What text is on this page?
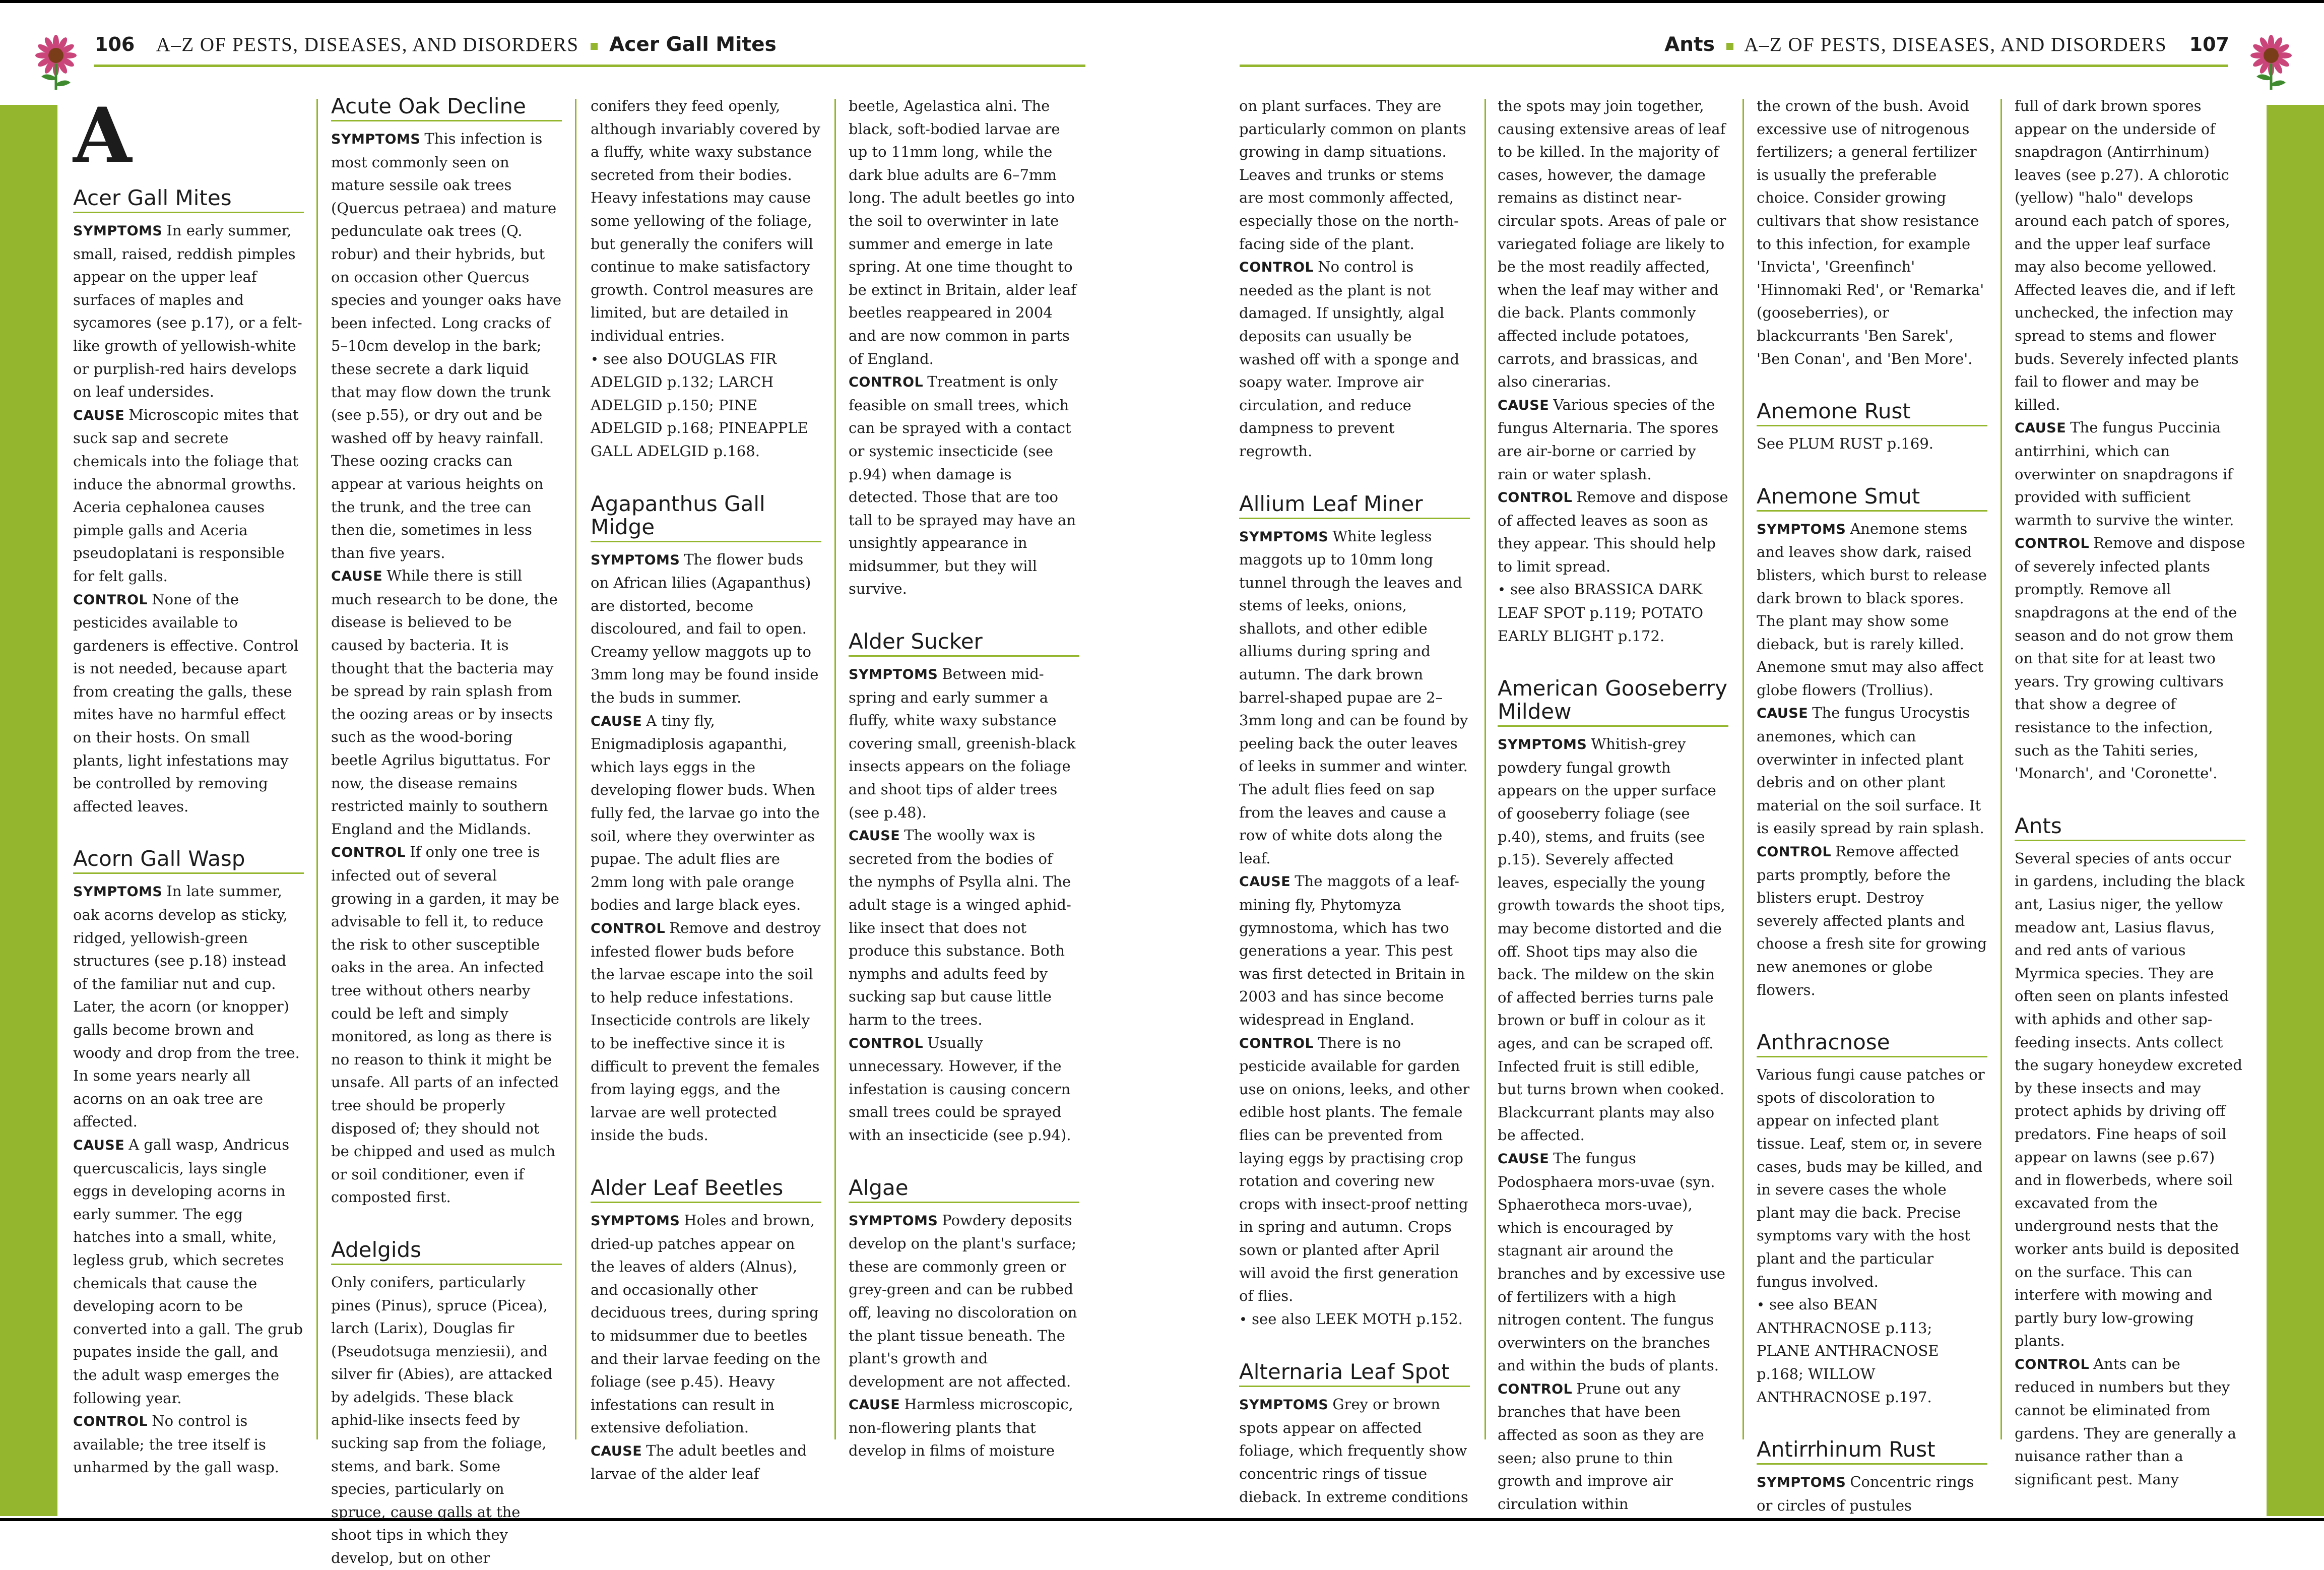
106 A–Z OF PESTS, DISEASES, AND DISORDERS Acer Gall Mites	Ants A–Z OF PESTS, DISEASES, AND DISORDERS 107
A
Acer Gall Mites

SYMPTOMS In early summer, small, raised, reddish pimples appear on the upper leaf surfaces of maples and sycamores (see p.17), or a felt-like growth of yellowish-white or purplish-red hairs develops on leaf undersides.

CAUSE Microscopic mites that suck sap and secrete chemicals into the foliage that induce the abnormal growths. Aceria cephalonea causes pimple galls and Aceria pseudoplatani is responsible for felt galls.

CONTROL None of the pesticides available to gardeners is effective. Control is not needed, because apart from creating the galls, these mites have no harmful effect on their hosts. On small plants, light infestations may be controlled by removing affected leaves.

Acorn Gall Wasp

SYMPTOMS In late summer, oak acorns develop as sticky, ridged, yellowish-green structures (see p.18) instead of the familiar nut and cup. Later, the acorn (or knopper) galls become brown and woody and drop from the tree. In some years nearly all acorns on an oak tree are affected.

CAUSE A gall wasp, Andricus quercuscalicis, lays single eggs in developing acorns in early summer. The egg hatches into a small, white, legless grub, which secretes chemicals that cause the developing acorn to be converted into a gall. The grub pupates inside the gall, and the adult wasp emerges the following year.

CONTROL No control is available; the tree itself is unharmed by the gall wasp.

Acute Oak Decline

SYMPTOMS This infection is most commonly seen on mature sessile oak trees (Quercus petraea) and mature pedunculate oak trees (Q. robur) and their hybrids, but on occasion other Quercus species and younger oaks have been infected. Long cracks of 5–10cm develop in the bark; these secrete a dark liquid that may flow down the trunk (see p.55), or dry out and be washed off by heavy rainfall. These oozing cracks can appear at various heights on the trunk, and the tree can then die, sometimes in less than five years.

CAUSE While there is still much research to be done, the disease is believed to be caused by bacteria. It is thought that the bacteria may be spread by rain splash from the oozing areas or by insects such as the wood-boring beetle Agrilus biguttatus. For now, the disease remains restricted mainly to southern England and the Midlands.

CONTROL If only one tree is infected out of several growing in a garden, it may be advisable to fell it, to reduce the risk to other susceptible oaks in the area. An infected tree without others nearby could be left and simply monitored, as long as there is no reason to think it might be unsafe. All parts of an infected tree should be properly disposed of; they should not be chipped and used as mulch or soil conditioner, even if composted first.

Adelgids

Only conifers, particularly pines (Pinus), spruce (Picea), larch (Larix), Douglas fir (Pseudotsuga menziesii), and silver fir (Abies), are attacked by adelgids. These black aphid-like insects feed by sucking sap from the foliage, stems, and bark. Some species, particularly on spruce, cause galls at the shoot tips in which they develop, but on other

conifers they feed openly, although invariably covered by a fluffy, white waxy substance secreted from their bodies. Heavy infestations may cause some yellowing of the foliage, but generally the conifers will continue to make satisfactory growth. Control measures are limited, but are detailed in individual entries.

• see also DOUGLAS FIR ADELGID p.132; LARCH ADELGID p.150; PINE ADELGID p.168; PINEAPPLE GALL ADELGID p.168.

Agapanthus Gall Midge

SYMPTOMS The flower buds on African lilies (Agapanthus) are distorted, become discoloured, and fail to open. Creamy yellow maggots up to 3mm long may be found inside the buds in summer.

CAUSE A tiny fly, Enigmadiplosis agapanthi, which lays eggs in the developing flower buds. When fully fed, the larvae go into the soil, where they overwinter as pupae. The adult flies are 2mm long with pale orange bodies and large black eyes.

CONTROL Remove and destroy infested flower buds before the larvae escape into the soil to help reduce infestations. Insecticide controls are likely to be ineffective since it is difficult to prevent the females from laying eggs, and the larvae are well protected inside the buds.

Alder Leaf Beetles

SYMPTOMS Holes and brown, dried-up patches appear on the leaves of alders (Alnus), and occasionally other deciduous trees, during spring to midsummer due to beetles and their larvae feeding on the foliage (see p.45). Heavy infestations can result in extensive defoliation.

CAUSE The adult beetles and larvae of the alder leaf

beetle, Agelastica alni. The black, soft-bodied larvae are up to 11mm long, while the dark blue adults are 6–7mm long. The adult beetles go into the soil to overwinter in late summer and emerge in late spring. At one time thought to be extinct in Britain, alder leaf beetles reappeared in 2004 and are now common in parts of England.

CONTROL Treatment is only feasible on small trees, which can be sprayed with a contact or systemic insecticide (see p.94) when damage is detected. Those that are too tall to be sprayed may have an unsightly appearance in midsummer, but they will survive.

Alder Sucker

SYMPTOMS Between mid-spring and early summer a fluffy, white waxy substance covering small, greenish-black insects appears on the foliage and shoot tips of alder trees (see p.48).

CAUSE The woolly wax is secreted from the bodies of the nymphs of Psylla alni. The adult stage is a winged aphid-like insect that does not produce this substance. Both nymphs and adults feed by sucking sap but cause little harm to the trees.

CONTROL Usually unnecessary. However, if the infestation is causing concern small trees could be sprayed with an insecticide (see p.94).

Algae

SYMPTOMS Powdery deposits develop on the plant's surface; these are commonly green or grey-green and can be rubbed off, leaving no discoloration on the plant tissue beneath. The plant's growth and development are not affected.

CAUSE Harmless microscopic, non-flowering plants that develop in films of moisture

on plant surfaces. They are particularly common on plants growing in damp situations. Leaves and trunks or stems are most commonly affected, especially those on the north-facing side of the plant.

CONTROL No control is needed as the plant is not damaged. If unsightly, algal deposits can usually be washed off with a sponge and soapy water. Improve air circulation, and reduce dampness to prevent regrowth.

Allium Leaf Miner

SYMPTOMS White legless maggots up to 10mm long tunnel through the leaves and stems of leeks, onions, shallots, and other edible alliums during spring and autumn. The dark brown barrel-shaped pupae are 2–3mm long and can be found by peeling back the outer leaves of leeks in summer and winter. The adult flies feed on sap from the leaves and cause a row of white dots along the leaf.

CAUSE The maggots of a leaf-mining fly, Phytomyza gymnostoma, which has two generations a year. This pest was first detected in Britain in 2003 and has since become widespread in England.

CONTROL There is no pesticide available for garden use on onions, leeks, and other edible host plants. The female flies can be prevented from laying eggs by practising crop rotation and covering new crops with insect-proof netting in spring and autumn. Crops sown or planted after April will avoid the first generation of flies.

• see also LEEK MOTH p.152.

Alternaria Leaf Spot

SYMPTOMS Grey or brown spots appear on affected foliage, which frequently show concentric rings of tissue dieback. In extreme conditions

the spots may join together, causing extensive areas of leaf to be killed. In the majority of cases, however, the damage remains as distinct near-circular spots. Areas of pale or variegated foliage are likely to be the most readily affected, when the leaf may wither and die back. Plants commonly affected include potatoes, carrots, and brassicas, and also cinerarias.

CAUSE Various species of the fungus Alternaria. The spores are air-borne or carried by rain or water splash.

CONTROL Remove and dispose of affected leaves as soon as they appear. This should help to limit spread.

• see also BRASSICA DARK LEAF SPOT p.119; POTATO EARLY BLIGHT p.172.

American Gooseberry Mildew

SYMPTOMS Whitish-grey powdery fungal growth appears on the upper surface of gooseberry foliage (see p.40), stems, and fruits (see p.15). Severely affected leaves, especially the young growth towards the shoot tips, may become distorted and die off. Shoot tips may also die back. The mildew on the skin of affected berries turns pale brown or buff in colour as it ages, and can be scraped off. Infected fruit is still edible, but turns brown when cooked. Blackcurrant plants may also be affected.

CAUSE The fungus Podosphaera mors-uvae (syn. Sphaerotheca mors-uvae), which is encouraged by stagnant air around the branches and by excessive use of fertilizers with a high nitrogen content. The fungus overwinters on the branches and within the buds of plants.

CONTROL Prune out any branches that have been affected as soon as they are seen; also prune to thin growth and improve air circulation within

the crown of the bush. Avoid excessive use of nitrogenous fertilizers; a general fertilizer is usually the preferable choice. Consider growing cultivars that show resistance to this infection, for example 'Invicta', 'Greenfinch' 'Hinnomaki Red', or 'Remarka' (gooseberries), or blackcurrants 'Ben Sarek', 'Ben Conan', and 'Ben More'.

Anemone Rust

See PLUM RUST p.169.

Anemone Smut

SYMPTOMS Anemone stems and leaves show dark, raised blisters, which burst to release dark brown to black spores. The plant may show some dieback, but is rarely killed. Anemone smut may also affect globe flowers (Trollius).

CAUSE The fungus Urocystis anemones, which can overwinter in infected plant debris and on other plant material on the soil surface. It is easily spread by rain splash.

CONTROL Remove affected parts promptly, before the blisters erupt. Destroy severely affected plants and choose a fresh site for growing new anemones or globe flowers.

Anthracnose

Various fungi cause patches or spots of discoloration to appear on infected plant tissue. Leaf, stem or, in severe cases, buds may be killed, and in severe cases the whole plant may die back. Precise symptoms vary with the host plant and the particular fungus involved.

• see also BEAN ANTHRACNOSE p.113; PLANE ANTHRACNOSE p.168; WILLOW ANTHRACNOSE p.197.

Antirrhinum Rust

SYMPTOMS Concentric rings or circles of pustules

full of dark brown spores appear on the underside of snapdragon (Antirrhinum) leaves (see p.27). A chlorotic (yellow) "halo" develops around each patch of spores, and the upper leaf surface may also become yellowed. Affected leaves die, and if left unchecked, the infection may spread to stems and flower buds. Severely infected plants fail to flower and may be killed.

CAUSE The fungus Puccinia antirrhini, which can overwinter on snapdragons if provided with sufficient warmth to survive the winter.

CONTROL Remove and dispose of severely infected plants promptly. Remove all snapdragons at the end of the season and do not grow them on that site for at least two years. Try growing cultivars that show a degree of resistance to the infection, such as the Tahiti series, 'Monarch', and 'Coronette'.

Ants

Several species of ants occur in gardens, including the black ant, Lasius niger, the yellow meadow ant, Lasius flavus, and red ants of various Myrmica species. They are often seen on plants infested with aphids and other sap-feeding insects. Ants collect the sugary honeydew excreted by these insects and may protect aphids by driving off predators. Fine heaps of soil appear on lawns (see p.67) and in flowerbeds, where soil excavated from the underground nests that the worker ants build is deposited on the surface. This can interfere with mowing and partly bury low-growing plants.

CONTROL Ants can be reduced in numbers but they cannot be eliminated from gardens. They are generally a nuisance rather than a significant pest. Many
